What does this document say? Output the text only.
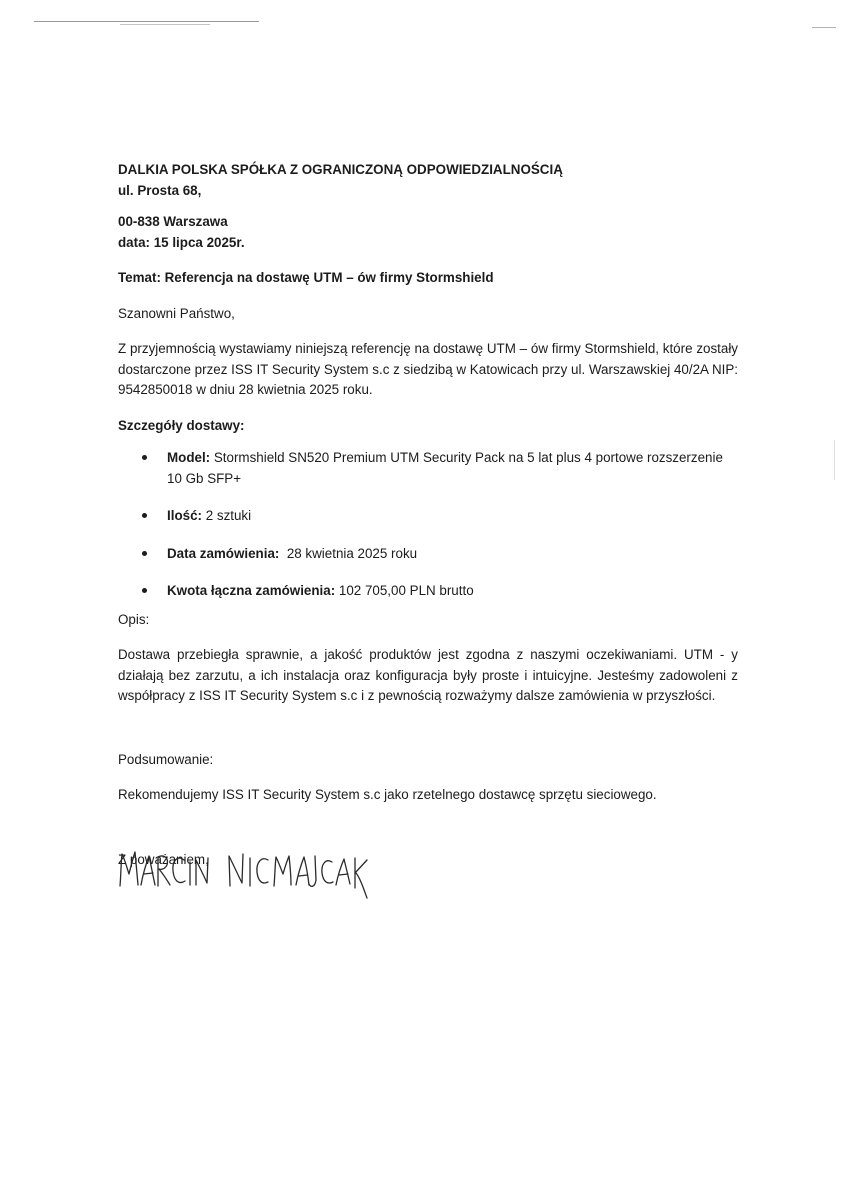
DALKIA POLSKA SPÓŁKA Z OGRANICZONĄ ODPOWIEDZIALNOŚCIĄ

ul. Prosta 68,

00-838 Warszawa

data: 15 lipca 2025r.

Temat: Referencja na dostawę UTM – ów firmy Stormshield

Szanowni Państwo,

Z przyjemnością wystawiamy niniejszą referencję na dostawę UTM – ów firmy Stormshield, które zostały dostarczone przez ISS IT Security System s.c z siedzibą w Katowicach przy ul. Warszawskiej 40/2A NIP: 9542850018 w dniu 28 kwietnia 2025 roku.

Szczegóły dostawy:

Model: Stormshield SN520 Premium UTM Security Pack na 5 lat plus 4 portowe rozszerzenie 10 Gb SFP+
Ilość: 2 sztuki
Data zamówienia:  28 kwietnia 2025 roku
Kwota łączna zamówienia: 102 705,00 PLN brutto

Opis:

Dostawa przebiegła sprawnie, a jakość produktów jest zgodna z naszymi oczekiwaniami. UTM - y działają bez zarzutu, a ich instalacja oraz konfiguracja były proste i intuicyjne. Jesteśmy zadowoleni z współpracy z ISS IT Security System s.c i z pewnością rozważymy dalsze zamówienia w przyszłości.

Podsumowanie:

Rekomendujemy ISS IT Security System s.c jako rzetelnego dostawcę sprzętu sieciowego.

Z poważaniem,
